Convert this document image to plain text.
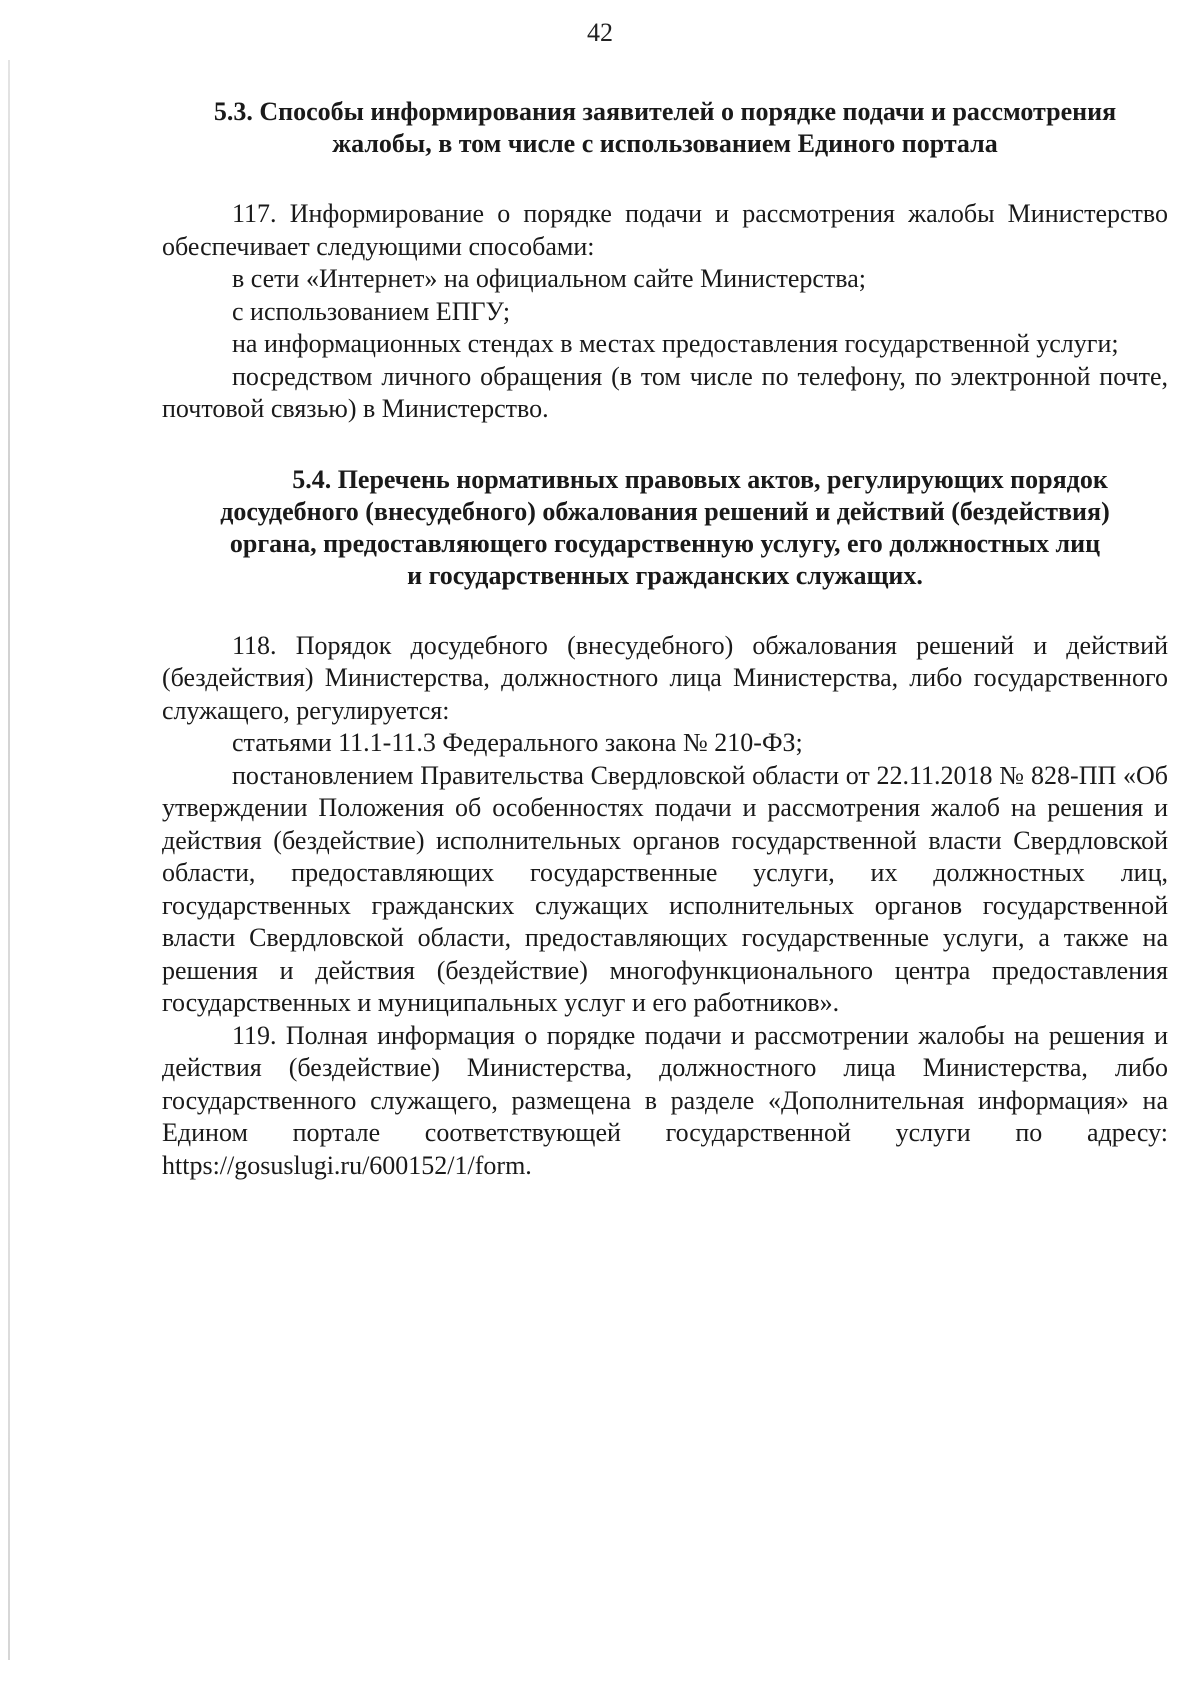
42
5.3. Способы информирования заявителей о порядке подачи и рассмотрения
жалобы, в том числе с использованием Единого портала

117. Информирование о порядке подачи и рассмотрения жалобы Министерство обеспечивает следующими способами:

в сети «Интернет» на официальном сайте Министерства;

с использованием ЕПГУ;

на информационных стендах в местах предоставления государственной услуги;

посредством личного обращения (в том числе по телефону, по электронной почте, почтовой связью) в Министерство.

5.4. Перечень нормативных правовых актов, регулирующих порядок
досудебного (внесудебного) обжалования решений и действий (бездействия)
органа, предоставляющего государственную услугу, его должностных лиц
и государственных гражданских служащих.

118. Порядок досудебного (внесудебного) обжалования решений и действий (бездействия) Министерства, должностного лица Министерства, либо государственного служащего, регулируется:

статьями 11.1-11.3 Федерального закона № 210-ФЗ;

постановлением Правительства Свердловской области от 22.11.2018 № 828-ПП «Об утверждении Положения об особенностях подачи и рассмотрения жалоб на решения и действия (бездействие) исполнительных органов государственной власти Свердловской области, предоставляющих государственные услуги, их должностных лиц, государственных гражданских служащих исполнительных органов государственной власти Свердловской области, предоставляющих государственные услуги, а также на решения и действия (бездействие) многофункционального центра предоставления государственных и муниципальных услуг и его работников».

119. Полная информация о порядке подачи и рассмотрении жалобы на решения и действия (бездействие) Министерства, должностного лица Министерства, либо государственного служащего, размещена в разделе «Дополнительная информация» на Едином портале соответствующей государственной услуги по адресу: https://gosuslugi.ru/600152/1/form.
